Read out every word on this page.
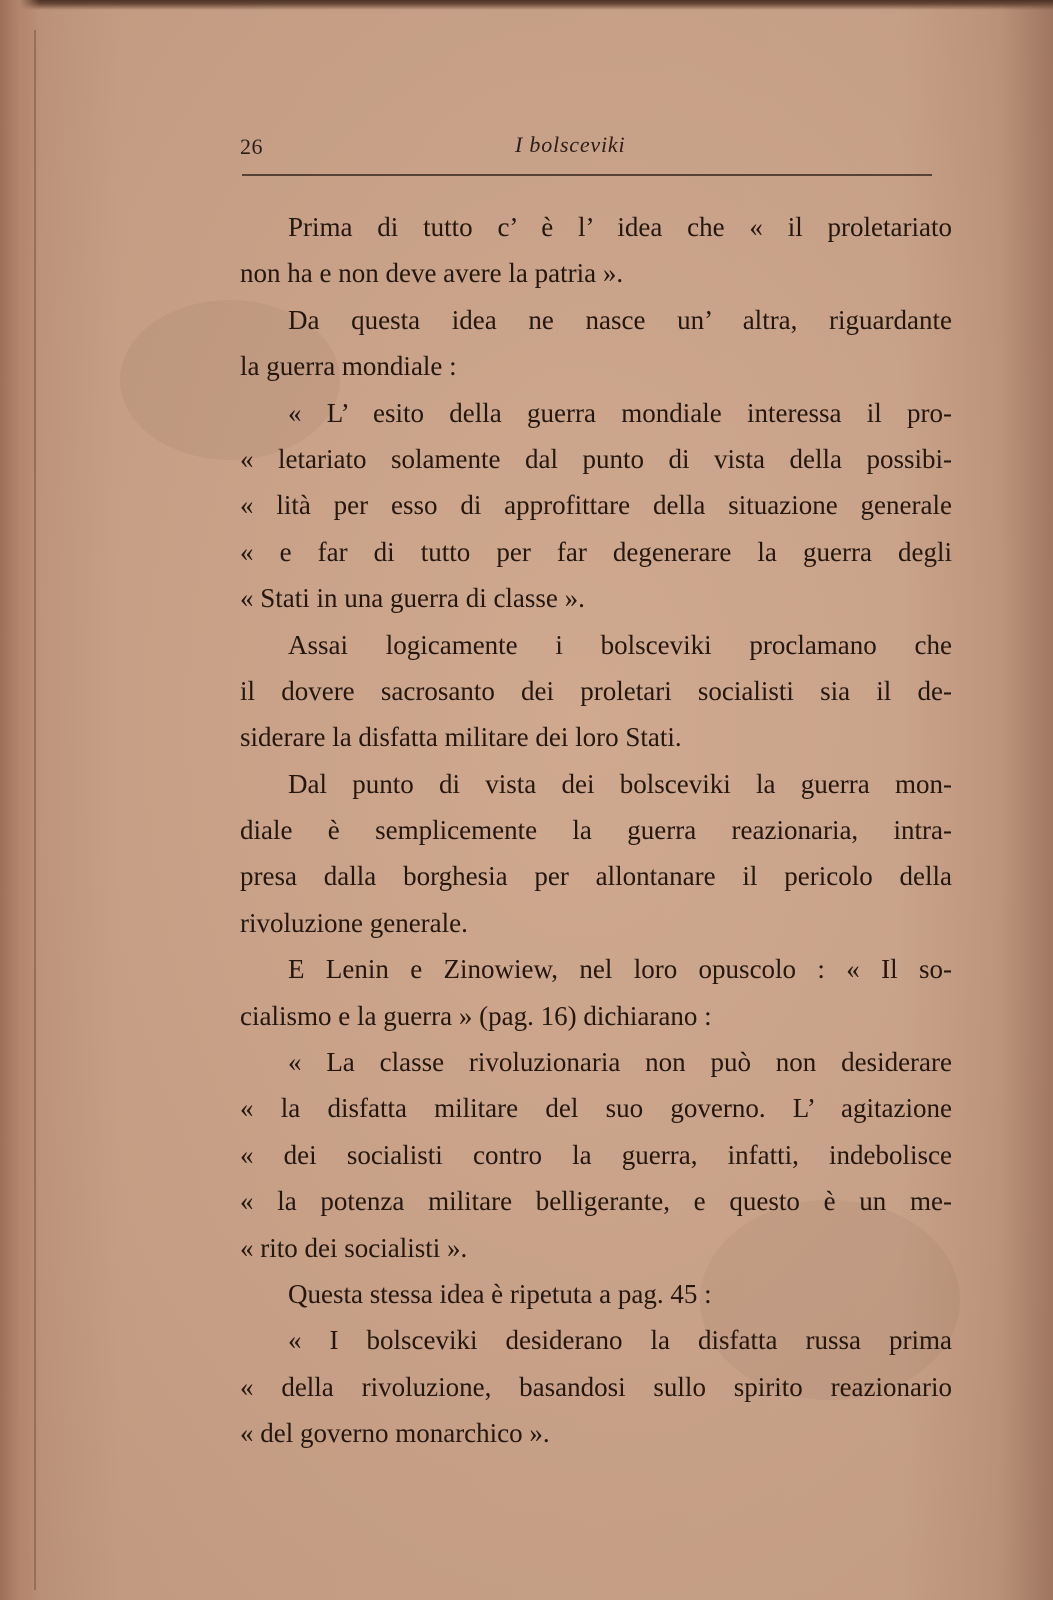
26	I bolsceviki
Prima di tutto c’ è l’ idea che « il proletariato
non ha e non deve avere la patria ».
Da questa idea ne nasce un’ altra, riguardante
la guerra mondiale :
« L’ esito della guerra mondiale interessa il pro-
« letariato solamente dal punto di vista della possibi-
« lità per esso di approfittare della situazione generale
« e far di tutto per far degenerare la guerra degli
« Stati in una guerra di classe ».
Assai logicamente i bolsceviki proclamano che
il dovere sacrosanto dei proletari socialisti sia il de-
siderare la disfatta militare dei loro Stati.
Dal punto di vista dei bolsceviki la guerra mon-
diale è semplicemente la guerra reazionaria, intra-
presa dalla borghesia per allontanare il pericolo della
rivoluzione generale.
E Lenin e Zinowiew, nel loro opuscolo : « Il so-
cialismo e la guerra » (pag. 16) dichiarano :
« La classe rivoluzionaria non può non desiderare
« la disfatta militare del suo governo. L’ agitazione
« dei socialisti contro la guerra, infatti, indebolisce
« la potenza militare belligerante, e questo è un me-
« rito dei socialisti ».
Questa stessa idea è ripetuta a pag. 45 :
« I bolsceviki desiderano la disfatta russa prima
« della rivoluzione, basandosi sullo spirito reazionario
« del governo monarchico ».
